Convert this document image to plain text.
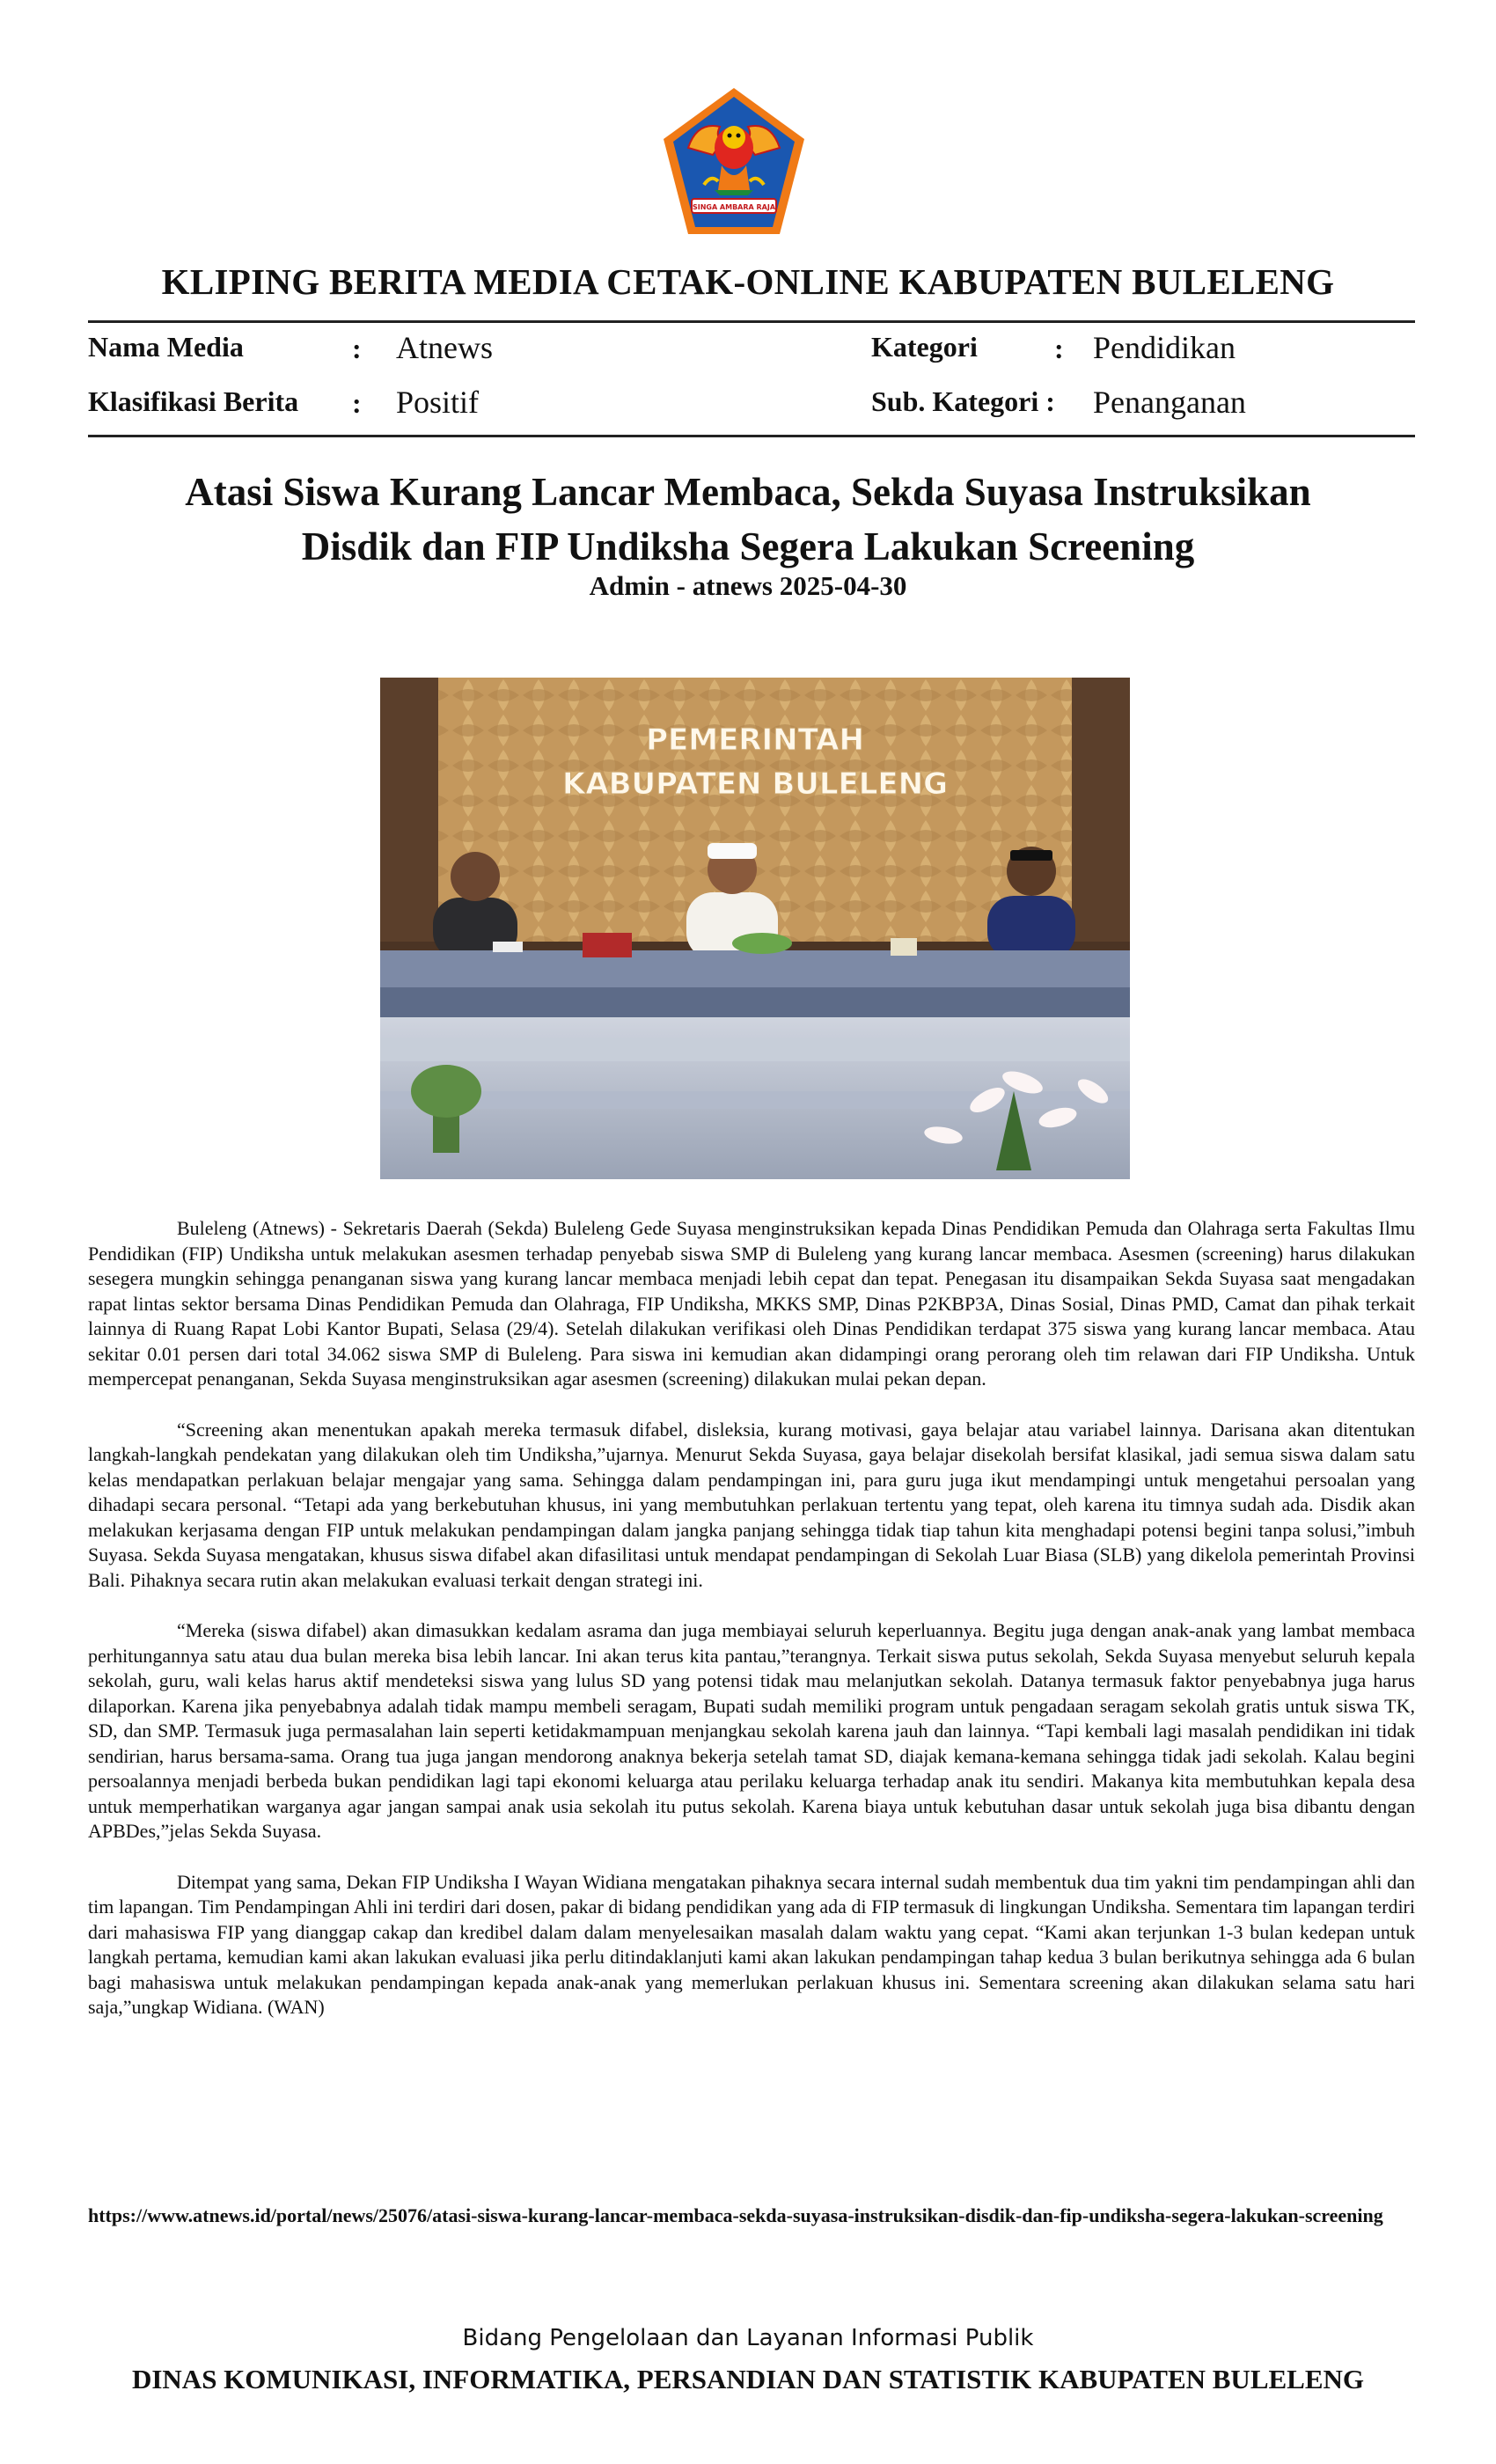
SINGA AMBARA RAJA
KLIPING BERITA MEDIA CETAK-ONLINE KABUPATEN BULELENG
Nama Media	: Atnews
Klasifikasi Berita : Positif
Kategori	: Pendidikan
Sub. Kategori : Penanganan
Atasi Siswa Kurang Lancar Membaca, Sekda Suyasa Instruksikan
Disdik dan FIP Undiksha Segera Lakukan Screening
Admin - atnews 2025-04-30
PEMERINTAH
KABUPATEN BULELENG

Buleleng (Atnews) - Sekretaris Daerah (Sekda) Buleleng Gede Suyasa menginstruksikan kepada Dinas Pendidikan Pemuda dan Olahraga serta Fakultas Ilmu Pendidikan (FIP) Undiksha untuk melakukan asesmen terhadap penyebab siswa SMP di Buleleng yang kurang lancar membaca. Asesmen (screening) harus dilakukan sesegera mungkin sehingga penanganan siswa yang kurang lancar membaca menjadi lebih cepat dan tepat. Penegasan itu disampaikan Sekda Suyasa saat mengadakan rapat lintas sektor bersama Dinas Pendidikan Pemuda dan Olahraga, FIP Undiksha, MKKS SMP, Dinas P2KBP3A, Dinas Sosial, Dinas PMD, Camat dan pihak terkait lainnya di Ruang Rapat Lobi Kantor Bupati, Selasa (29/4). Setelah dilakukan verifikasi oleh Dinas Pendidikan terdapat 375 siswa yang kurang lancar membaca. Atau sekitar 0.01 persen dari total 34.062 siswa SMP di Buleleng. Para siswa ini kemudian akan didampingi orang perorang oleh tim relawan dari FIP Undiksha. Untuk mempercepat penanganan, Sekda Suyasa menginstruksikan agar asesmen (screening) dilakukan mulai pekan depan.

“Screening akan menentukan apakah mereka termasuk difabel, disleksia, kurang motivasi, gaya belajar atau variabel lainnya. Darisana akan ditentukan langkah-langkah pendekatan yang dilakukan oleh tim Undiksha,”ujarnya. Menurut Sekda Suyasa, gaya belajar disekolah bersifat klasikal, jadi semua siswa dalam satu kelas mendapatkan perlakuan belajar mengajar yang sama. Sehingga dalam pendampingan ini, para guru juga ikut mendampingi untuk mengetahui persoalan yang dihadapi secara personal. “Tetapi ada yang berkebutuhan khusus, ini yang membutuhkan perlakuan tertentu yang tepat, oleh karena itu timnya sudah ada. Disdik akan melakukan kerjasama dengan FIP untuk melakukan pendampingan dalam jangka panjang sehingga tidak tiap tahun kita menghadapi potensi begini tanpa solusi,”imbuh Suyasa. Sekda Suyasa mengatakan, khusus siswa difabel akan difasilitasi untuk mendapat pendampingan di Sekolah Luar Biasa (SLB) yang dikelola pemerintah Provinsi Bali. Pihaknya secara rutin akan melakukan evaluasi terkait dengan strategi ini.

“Mereka (siswa difabel) akan dimasukkan kedalam asrama dan juga membiayai seluruh keperluannya. Begitu juga dengan anak-anak yang lambat membaca perhitungannya satu atau dua bulan mereka bisa lebih lancar. Ini akan terus kita pantau,”terangnya. Terkait siswa putus sekolah, Sekda Suyasa menyebut seluruh kepala sekolah, guru, wali kelas harus aktif mendeteksi siswa yang lulus SD yang potensi tidak mau melanjutkan sekolah. Datanya termasuk faktor penyebabnya juga harus dilaporkan. Karena jika penyebabnya adalah tidak mampu membeli seragam, Bupati sudah memiliki program untuk pengadaan seragam sekolah gratis untuk siswa TK, SD, dan SMP. Termasuk juga permasalahan lain seperti ketidakmampuan menjangkau sekolah karena jauh dan lainnya. “Tapi kembali lagi masalah pendidikan ini tidak sendirian, harus bersama-sama. Orang tua juga jangan mendorong anaknya bekerja setelah tamat SD, diajak kemana-kemana sehingga tidak jadi sekolah. Kalau begini persoalannya menjadi berbeda bukan pendidikan lagi tapi ekonomi keluarga atau perilaku keluarga terhadap anak itu sendiri. Makanya kita membutuhkan kepala desa untuk memperhatikan warganya agar jangan sampai anak usia sekolah itu putus sekolah. Karena biaya untuk kebutuhan dasar untuk sekolah juga bisa dibantu dengan APBDes,”jelas Sekda Suyasa.

Ditempat yang sama, Dekan FIP Undiksha I Wayan Widiana mengatakan pihaknya secara internal sudah membentuk dua tim yakni tim pendampingan ahli dan tim lapangan. Tim Pendampingan Ahli ini terdiri dari dosen, pakar di bidang pendidikan yang ada di FIP termasuk di lingkungan Undiksha. Sementara tim lapangan terdiri dari mahasiswa FIP yang dianggap cakap dan kredibel dalam dalam menyelesaikan masalah dalam waktu yang cepat. “Kami akan terjunkan 1-3 bulan kedepan untuk langkah pertama, kemudian kami akan lakukan evaluasi jika perlu ditindaklanjuti kami akan lakukan pendampingan tahap kedua 3 bulan berikutnya sehingga ada 6 bulan bagi mahasiswa untuk melakukan pendampingan kepada anak-anak yang memerlukan perlakuan khusus ini. Sementara screening akan dilakukan selama satu hari saja,”ungkap Widiana. (WAN)

https://www.atnews.id/portal/news/25076/atasi-siswa-kurang-lancar-membaca-sekda-suyasa-instruksikan-disdik-dan-fip-undiksha-segera-lakukan-screening
Bidang Pengelolaan dan Layanan Informasi Publik
DINAS KOMUNIKASI, INFORMATIKA, PERSANDIAN DAN STATISTIK KABUPATEN BULELENG
